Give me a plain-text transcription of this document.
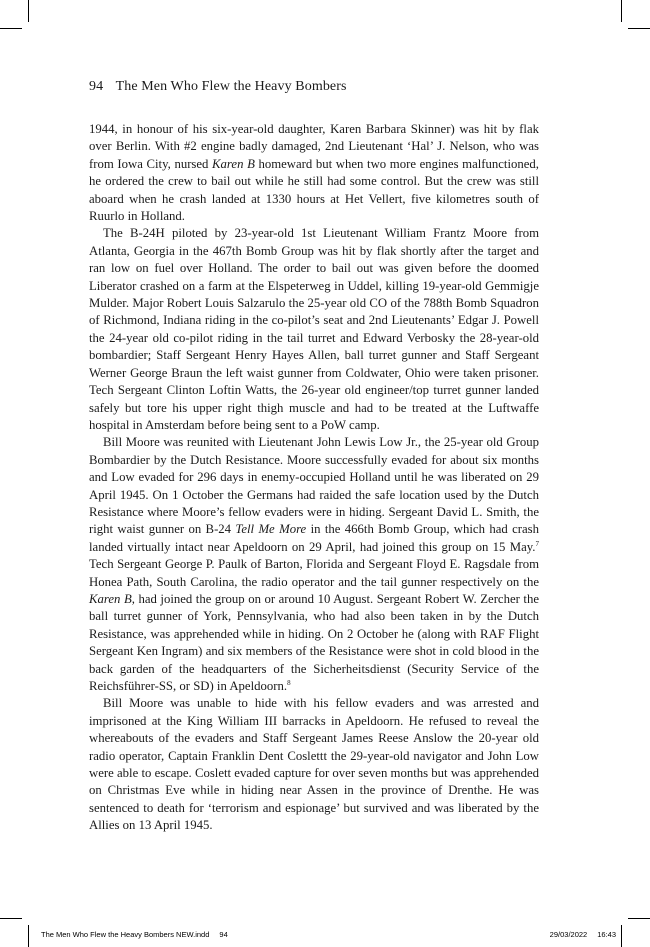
94 The Men Who Flew the Heavy Bombers

1944, in honour of his six-year-old daughter, Karen Barbara Skinner) was hit by flak over Berlin. With #2 engine badly damaged, 2nd Lieutenant ‘Hal’ J. Nelson, who was from Iowa City, nursed Karen B homeward but when two more engines malfunctioned, he ordered the crew to bail out while he still had some control. But the crew was still aboard when he crash landed at 1330 hours at Het Vellert, five kilometres south of Ruurlo in Holland.

The B-24H piloted by 23-year-old 1st Lieutenant William Frantz Moore from Atlanta, Georgia in the 467th Bomb Group was hit by flak shortly after the target and ran low on fuel over Holland. The order to bail out was given before the doomed Liberator crashed on a farm at the Elspeterweg in Uddel, killing 19-year-old Gemmigje Mulder. Major Robert Louis Salzarulo the 25-year old CO of the 788th Bomb Squadron of Richmond, Indiana riding in the co-pilot’s seat and 2nd Lieutenants’ Edgar J. Powell the 24-year old co-pilot riding in the tail turret and Edward Verbosky the 28-year-old bombardier; Staff Sergeant Henry Hayes Allen, ball turret gunner and Staff Sergeant Werner George Braun the left waist gunner from Coldwater, Ohio were taken prisoner. Tech Sergeant Clinton Loftin Watts, the 26-year old engineer/top turret gunner landed safely but tore his upper right thigh muscle and had to be treated at the Luftwaffe hospital in Amsterdam before being sent to a PoW camp.

Bill Moore was reunited with Lieutenant John Lewis Low Jr., the 25-year old Group Bombardier by the Dutch Resistance. Moore successfully evaded for about six months and Low evaded for 296 days in enemy-occupied Holland until he was liberated on 29 April 1945. On 1 October the Germans had raided the safe location used by the Dutch Resistance where Moore’s fellow evaders were in hiding. Sergeant David L. Smith, the right waist gunner on B-24 Tell Me More in the 466th Bomb Group, which had crash landed virtually intact near Apeldoorn on 29 April, had joined this group on 15 May.$^7$ Tech Sergeant George P. Paulk of Barton, Florida and Sergeant Floyd E. Ragsdale from Honea Path, South Carolina, the radio operator and the tail gunner respectively on the Karen B, had joined the group on or around 10 August. Sergeant Robert W. Zercher the ball turret gunner of York, Pennsylvania, who had also been taken in by the Dutch Resistance, was apprehended while in hiding. On 2 October he (along with RAF Flight Sergeant Ken Ingram) and six members of the Resistance were shot in cold blood in the back garden of the headquarters of the Sicherheitsdienst (Security Service of the Reichsführer-SS, or SD) in Apeldoorn.$^8$

Bill Moore was unable to hide with his fellow evaders and was arrested and imprisoned at the King William III barracks in Apeldoorn. He refused to reveal the whereabouts of the evaders and Staff Sergeant James Reese Anslow the 20-year old radio operator, Captain Franklin Dent Coslettt the 29-year-old navigator and John Low were able to escape. Coslett evaded capture for over seven months but was apprehended on Christmas Eve while in hiding near Assen in the province of Drenthe. He was sentenced to death for ‘terrorism and espionage’ but survived and was liberated by the Allies on 13 April 1945.

The Men Who Flew the Heavy Bombers NEW.indd 94	29/03/2022 16:43
